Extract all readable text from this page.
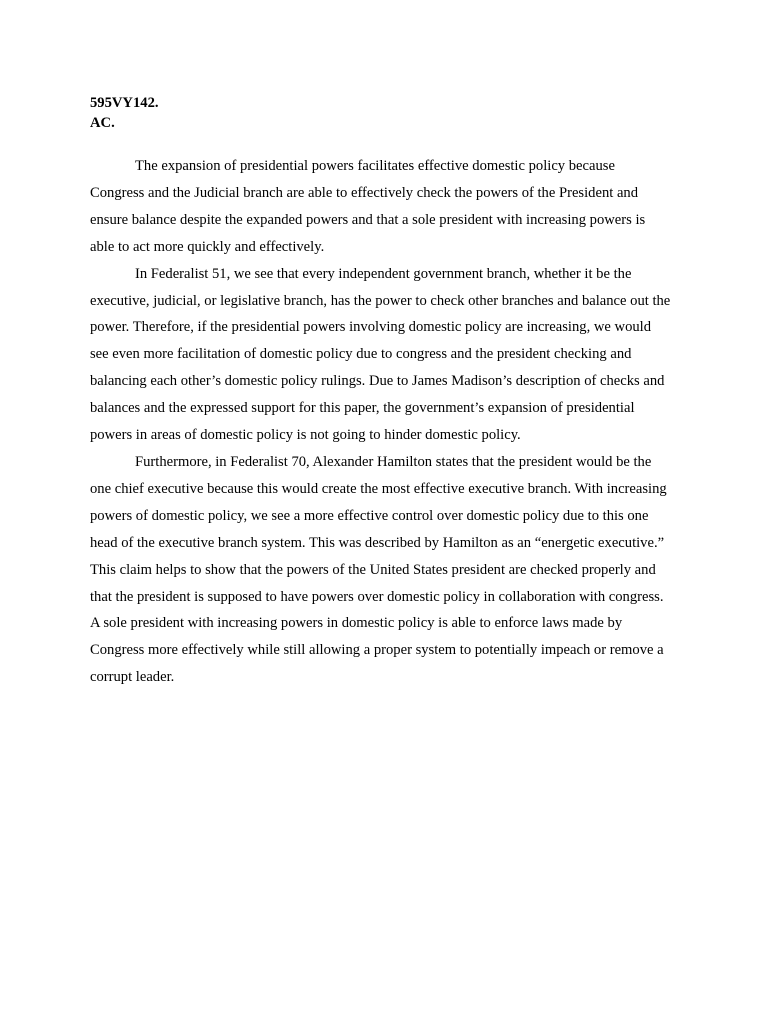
595VY142.

AC.

The expansion of presidential powers facilitates effective domestic policy because Congress and the Judicial branch are able to effectively check the powers of the President and ensure balance despite the expanded powers and that a sole president with increasing powers is able to act more quickly and effectively.

In Federalist 51, we see that every independent government branch, whether it be the executive, judicial, or legislative branch, has the power to check other branches and balance out the power. Therefore, if the presidential powers involving domestic policy are increasing, we would see even more facilitation of domestic policy due to congress and the president checking and balancing each other’s domestic policy rulings. Due to James Madison’s description of checks and balances and the expressed support for this paper, the government’s expansion of presidential powers in areas of domestic policy is not going to hinder domestic policy.

Furthermore, in Federalist 70, Alexander Hamilton states that the president would be the one chief executive because this would create the most effective executive branch. With increasing powers of domestic policy, we see a more effective control over domestic policy due to this one head of the executive branch system. This was described by Hamilton as an “energetic executive.” This claim helps to show that the powers of the United States president are checked properly and that the president is supposed to have powers over domestic policy in collaboration with congress. A sole president with increasing powers in domestic policy is able to enforce laws made by Congress more effectively while still allowing a proper system to potentially impeach or remove a corrupt leader.
